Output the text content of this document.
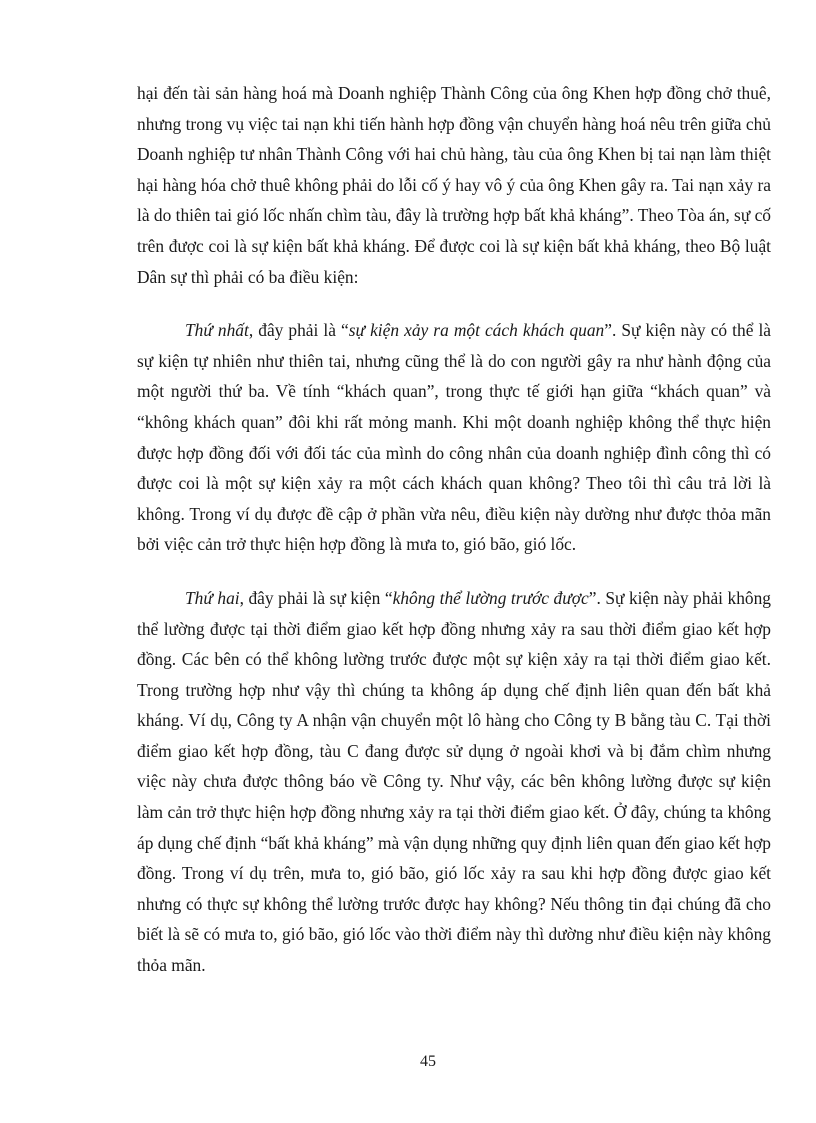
hại đến tài sản hàng hoá mà Doanh nghiệp Thành Công của ông Khen hợp đồng chở thuê, nhưng trong vụ việc tai nạn khi tiến hành hợp đồng vận chuyển hàng hoá nêu trên giữa chủ Doanh nghiệp tư nhân Thành Công với hai chủ hàng, tàu của ông Khen bị tai nạn làm thiệt hại hàng hóa chở thuê không phải do lỗi cố ý hay vô ý của ông Khen gây ra. Tai nạn xảy ra là do thiên tai gió lốc nhấn chìm tàu, đây là trường hợp bất khả kháng”. Theo Tòa án, sự cố trên được coi là sự kiện bất khả kháng. Để được coi là sự kiện bất khả kháng, theo Bộ luật Dân sự thì phải có ba điều kiện:

Thứ nhất, đây phải là “sự kiện xảy ra một cách khách quan”. Sự kiện này có thể là sự kiện tự nhiên như thiên tai, nhưng cũng thể là do con người gây ra như hành động của một người thứ ba. Về tính “khách quan”, trong thực tế giới hạn giữa “khách quan” và “không khách quan” đôi khi rất mỏng manh. Khi một doanh nghiệp không thể thực hiện được hợp đồng đối với đối tác của mình do công nhân của doanh nghiệp đình công thì có được coi là một sự kiện xảy ra một cách khách quan không? Theo tôi thì câu trả lời là không. Trong ví dụ được đề cập ở phần vừa nêu, điều kiện này dường như được thỏa mãn bởi việc cản trở thực hiện hợp đồng là mưa to, gió bão, gió lốc.

Thứ hai, đây phải là sự kiện “không thể lường trước được”. Sự kiện này phải không thể lường được tại thời điểm giao kết hợp đồng nhưng xảy ra sau thời điểm giao kết hợp đồng. Các bên có thể không lường trước được một sự kiện xảy ra tại thời điểm giao kết. Trong trường hợp như vậy thì chúng ta không áp dụng chế định liên quan đến bất khả kháng. Ví dụ, Công ty A nhận vận chuyển một lô hàng cho Công ty B bằng tàu C. Tại thời điểm giao kết hợp đồng, tàu C đang được sử dụng ở ngoài khơi và bị đắm chìm nhưng việc này chưa được thông báo về Công ty. Như vậy, các bên không lường được sự kiện làm cản trở thực hiện hợp đồng nhưng xảy ra tại thời điểm giao kết. Ở đây, chúng ta không áp dụng chế định “bất khả kháng” mà vận dụng những quy định liên quan đến giao kết hợp đồng. Trong ví dụ trên, mưa to, gió bão, gió lốc xảy ra sau khi hợp đồng được giao kết nhưng có thực sự không thể lường trước được hay không? Nếu thông tin đại chúng đã cho biết là sẽ có mưa to, gió bão, gió lốc vào thời điểm này thì dường như điều kiện này không thỏa mãn.

45
